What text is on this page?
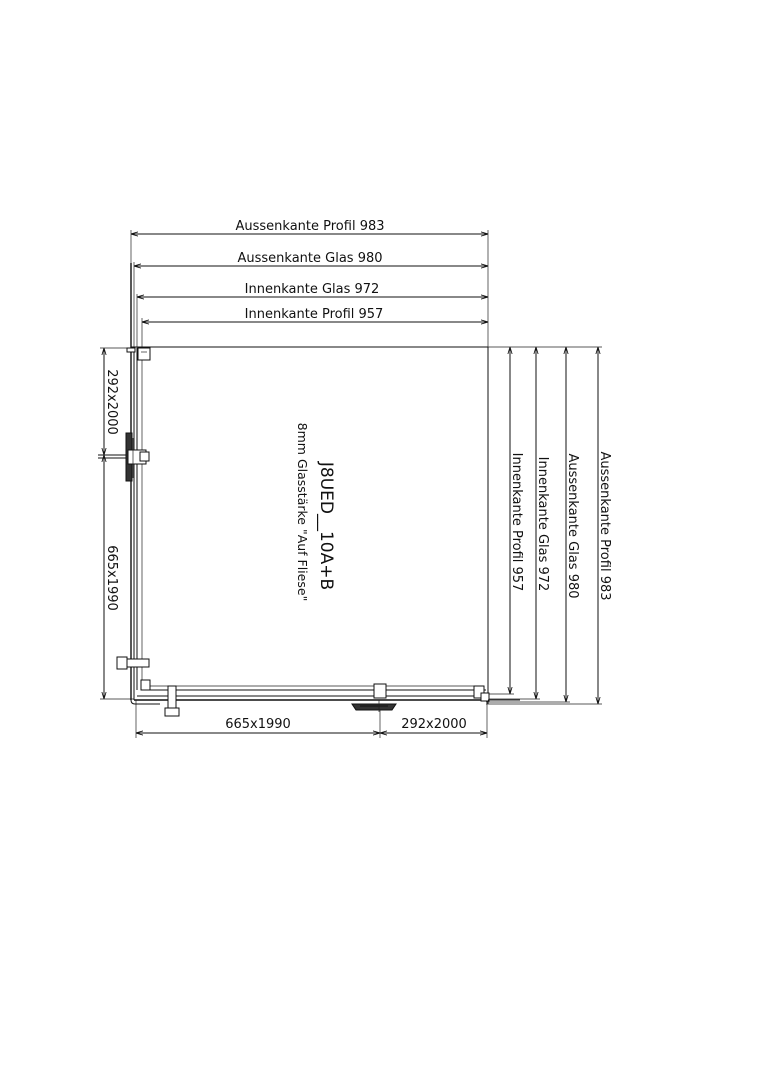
Aussenkante Profil 983
Aussenkante Glas 980
Innenkante Glas 972
Innenkante Profil 957
Innenkante Profil 957 Innenkante Glas 972 Aussenkante Glas 980 Aussenkante Profil 983
292x2000
665x1990
665x1990	292x2000
J8UED__10A+B
8mm Glasstärke "Auf Fliese"
